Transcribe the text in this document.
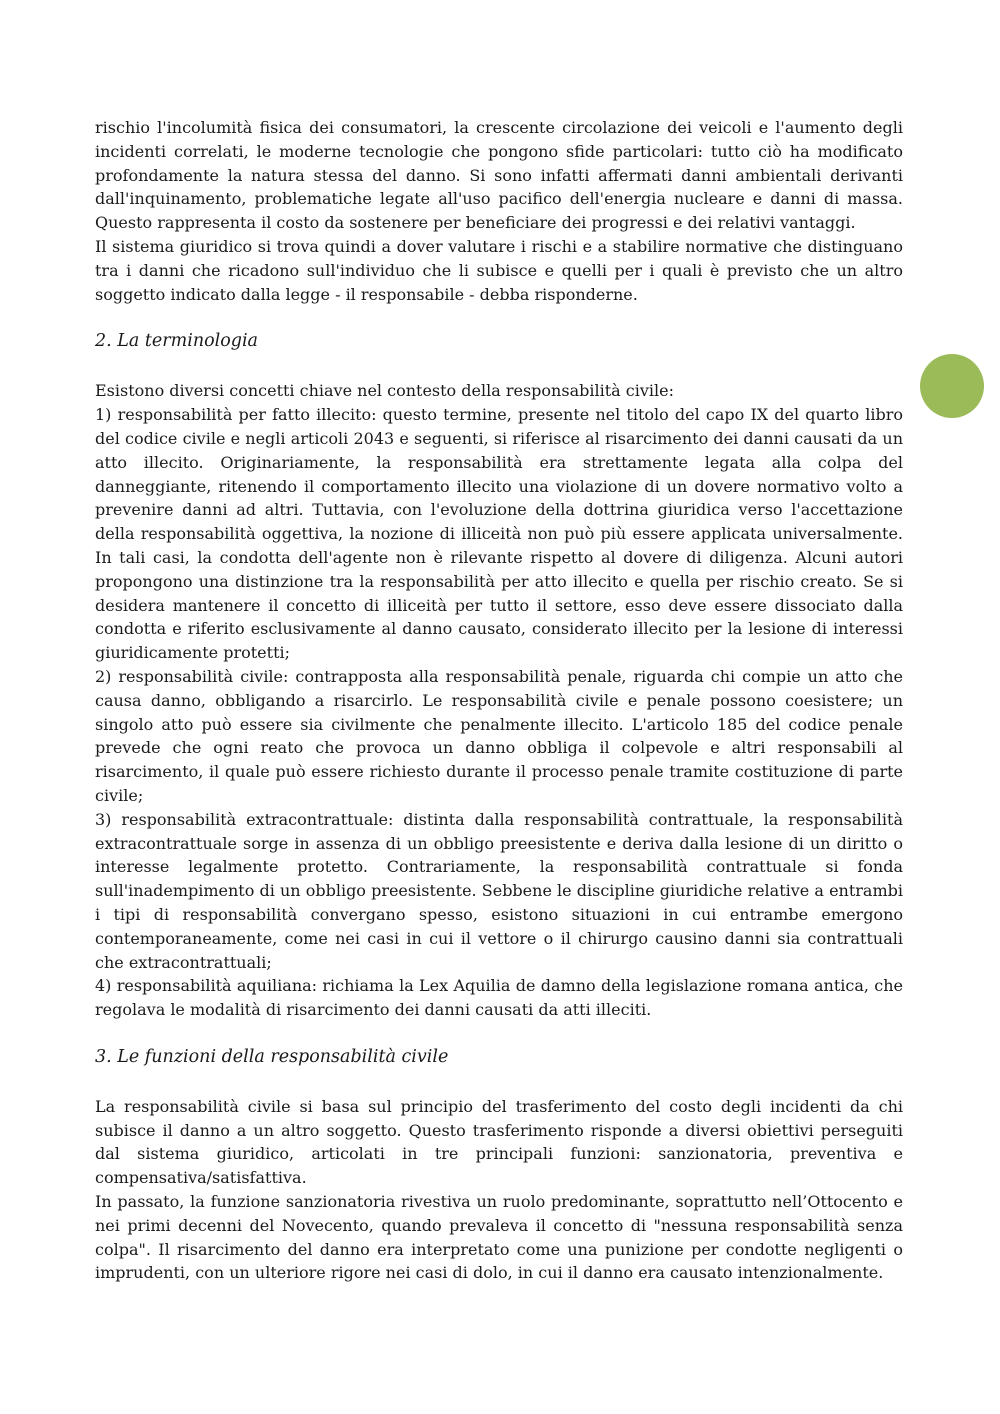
rischio l'incolumità fisica dei consumatori, la crescente circolazione dei veicoli e l'aumento degli incidenti correlati, le moderne tecnologie che pongono sfide particolari: tutto ciò ha modificato profondamente la natura stessa del danno. Si sono infatti affermati danni ambientali derivanti dall'inquinamento, problematiche legate all'uso pacifico dell'energia nucleare e danni di massa. Questo rappresenta il costo da sostenere per beneficiare dei progressi e dei relativi vantaggi.

Il sistema giuridico si trova quindi a dover valutare i rischi e a stabilire normative che distinguano tra i danni che ricadono sull'individuo che li subisce e quelli per i quali è previsto che un altro soggetto indicato dalla legge - il responsabile - debba risponderne.

2. La terminologia

Esistono diversi concetti chiave nel contesto della responsabilità civile:

1) responsabilità per fatto illecito: questo termine, presente nel titolo del capo IX del quarto libro del codice civile e negli articoli 2043 e seguenti, si riferisce al risarcimento dei danni causati da un atto illecito. Originariamente, la responsabilità era strettamente legata alla colpa del danneggiante, ritenendo il comportamento illecito una violazione di un dovere normativo volto a prevenire danni ad altri. Tuttavia, con l'evoluzione della dottrina giuridica verso l'accettazione della responsabilità oggettiva, la nozione di illiceità non può più essere applicata universalmente. In tali casi, la condotta dell'agente non è rilevante rispetto al dovere di diligenza. Alcuni autori propongono una distinzione tra la responsabilità per atto illecito e quella per rischio creato. Se si desidera mantenere il concetto di illiceità per tutto il settore, esso deve essere dissociato dalla condotta e riferito esclusivamente al danno causato, considerato illecito per la lesione di interessi giuridicamente protetti;

2) responsabilità civile: contrapposta alla responsabilità penale, riguarda chi compie un atto che causa danno, obbligando a risarcirlo. Le responsabilità civile e penale possono coesistere; un singolo atto può essere sia civilmente che penalmente illecito. L'articolo 185 del codice penale prevede che ogni reato che provoca un danno obbliga il colpevole e altri responsabili al risarcimento, il quale può essere richiesto durante il processo penale tramite costituzione di parte civile;

3) responsabilità extracontrattuale: distinta dalla responsabilità contrattuale, la responsabilità extracontrattuale sorge in assenza di un obbligo preesistente e deriva dalla lesione di un diritto o interesse legalmente protetto. Contrariamente, la responsabilità contrattuale si fonda sull'inadempimento di un obbligo preesistente. Sebbene le discipline giuridiche relative a entrambi i tipi di responsabilità convergano spesso, esistono situazioni in cui entrambe emergono contemporaneamente, come nei casi in cui il vettore o il chirurgo causino danni sia contrattuali che extracontrattuali;

4) responsabilità aquiliana: richiama la Lex Aquilia de damno della legislazione romana antica, che regolava le modalità di risarcimento dei danni causati da atti illeciti.

3. Le funzioni della responsabilità civile

La responsabilità civile si basa sul principio del trasferimento del costo degli incidenti da chi subisce il danno a un altro soggetto. Questo trasferimento risponde a diversi obiettivi perseguiti dal sistema giuridico, articolati in tre principali funzioni: sanzionatoria, preventiva e compensativa/satisfattiva.

In passato, la funzione sanzionatoria rivestiva un ruolo predominante, soprattutto nell’Ottocento e nei primi decenni del Novecento, quando prevaleva il concetto di "nessuna responsabilità senza colpa". Il risarcimento del danno era interpretato come una punizione per condotte negligenti o imprudenti, con un ulteriore rigore nei casi di dolo, in cui il danno era causato intenzionalmente.
